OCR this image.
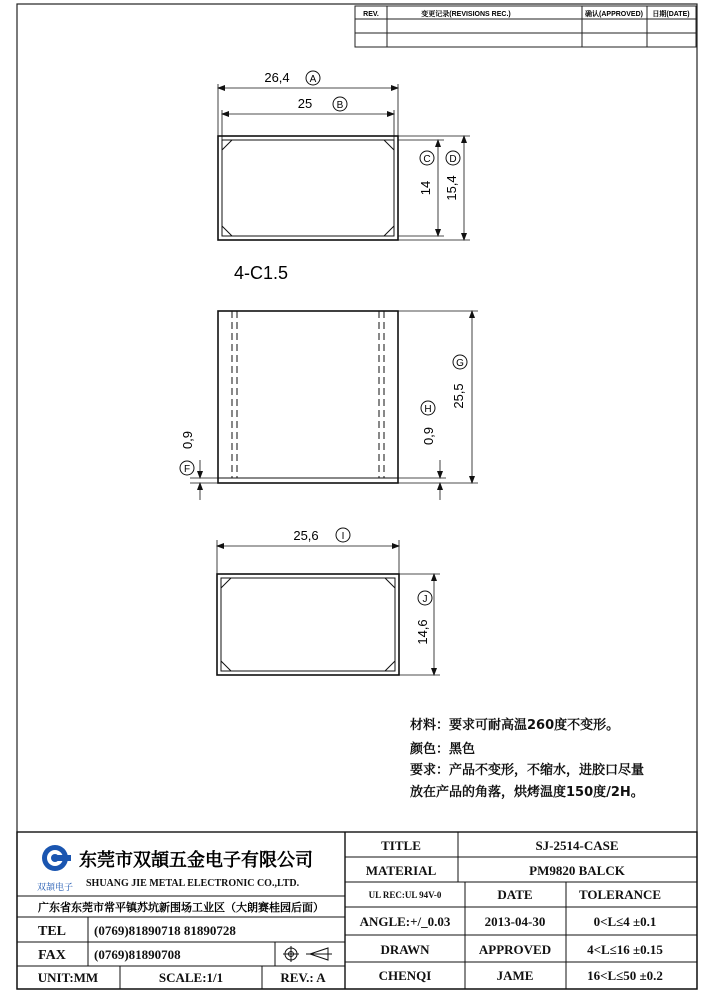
REV.	变更记录(REVISIONS REC.)	确认(APPROVED) 日期(DATE)
26,4 A
25 B
14
C
15,4
D
4-C1.5
25,5
G
0,9
F
0,9
H
25,6 I
14,6
J
双頡电子
东莞市双頡五金电子有限公司
SHUANG JIE METAL ELECTRONIC CO.,LTD.
广东省东莞市常平镇苏坑新围场工业区（大朗赛桂园后面）
TEL (0769)81890718 81890728
FAX (0769)81890708
UNIT:MM	SCALE:1/1	REV.: A
TITLE	SJ-2514-CASE
MATERIAL	PM9820 BALCK
UL REC:UL 94V-0	DATE	TOLERANCE
ANGLE:+/_0.03	2013-04-30	0<L≤4 ±0.1
DRAWN	APPROVED	4<L≤16 ±0.15
CHENQI	JAME	16<L≤50 ±0.2
材料：要求可耐高温260度不变形。
颜色：黑色
要求：产品不变形，不缩水，进胶口尽量
放在产品的角落，烘烤温度150度/2H。
